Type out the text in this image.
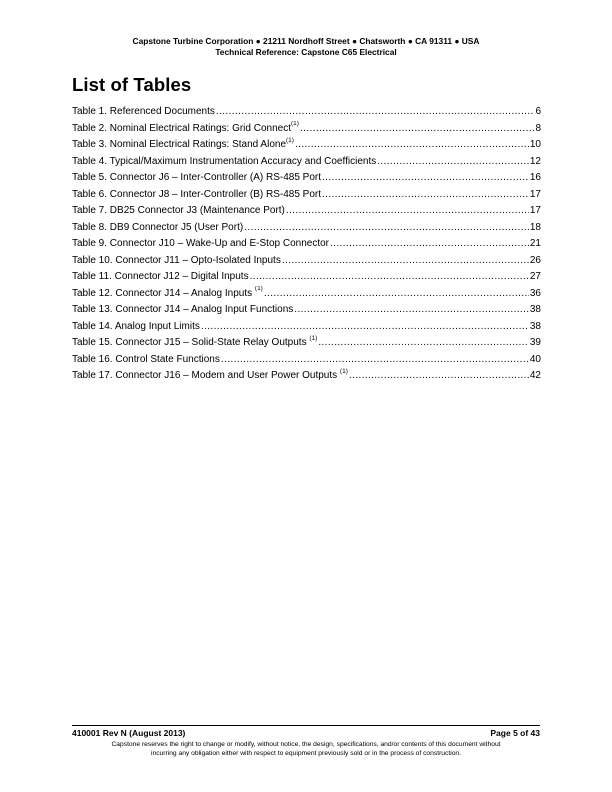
Capstone Turbine Corporation ● 21211 Nordhoff Street ● Chatsworth ● CA 91311 ● USA
Technical Reference: Capstone C65 Electrical
List of Tables
Table 1. Referenced Documents .....	6
Table 2. Nominal Electrical Ratings: Grid Connect$^{(1)}$ .....	8
Table 3. Nominal Electrical Ratings: Stand Alone$^{(1)}$ .....	10
Table 4. Typical/Maximum Instrumentation Accuracy and Coefficients .....	12
Table 5. Connector J6 – Inter-Controller (A) RS-485 Port .....	16
Table 6. Connector J8 – Inter-Controller (B) RS-485 Port .....	17
Table 7. DB25 Connector J3 (Maintenance Port) .....	17
Table 8. DB9 Connector J5 (User Port) .....	18
Table 9. Connector J10 – Wake-Up and E-Stop Connector .....	21
Table 10. Connector J11 – Opto-Isolated Inputs .....	26
Table 11. Connector J12 – Digital Inputs .....	27
Table 12. Connector J14 – Analog Inputs $^{(1)}$ .....	36
Table 13. Connector J14 – Analog Input Functions .....	38
Table 14. Analog Input Limits .....	38
Table 15. Connector J15 – Solid-State Relay Outputs $^{(1)}$ .....	39
Table 16. Control State Functions .....	40
Table 17. Connector J16 – Modem and User Power Outputs $^{(1)}$ .....	42
410001 Rev N (August 2013)	Page 5 of 43
Capstone reserves the right to change or modify, without notice, the design, specifications, and/or contents of this document without
incurring any obligation either with respect to equipment previously sold or in the process of construction.
